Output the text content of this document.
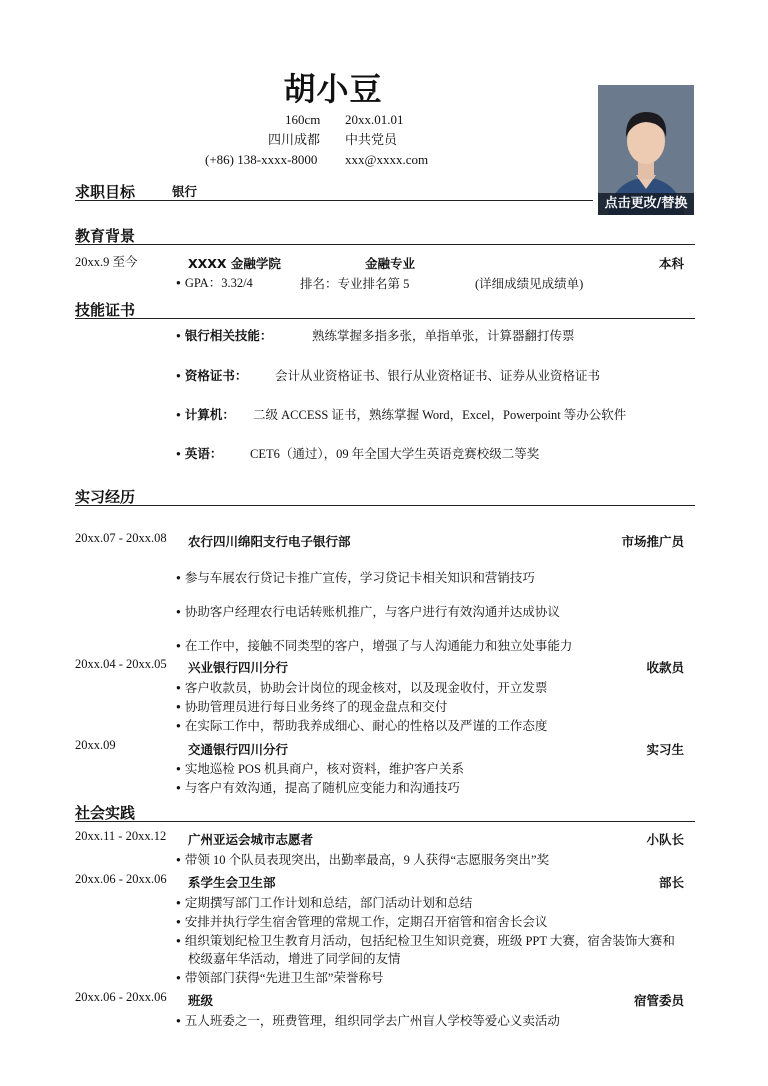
胡小豆
160cm 20xx.01.01
四川成都 中共党员
(+86) 138-xxxx-8000 xxx@xxxx.com
点击更改/替换
求职目标	银行
教育背景
20xx.9 至今	XXXX 金融学院	金融专业	本科
● GPA：3.32/4	排名：专业排名第 5	(详细成绩见成绩单)
技能证书
● 银行相关技能：	熟练掌握多指多张，单指单张，计算器翻打传票
● 资格证书： 会计从业资格证书、银行从业资格证书、证券从业资格证书
● 计算机： 二级 ACCESS 证书，熟练掌握 Word，Excel，Powerpoint 等办公软件
● 英语： CET6（通过），09 年全国大学生英语竞赛校级二等奖
实习经历
20xx.07 - 20xx.08 农行四川绵阳支行电子银行部	市场推广员
● 参与车展农行贷记卡推广宣传，学习贷记卡相关知识和营销技巧
● 协助客户经理农行电话转账机推广，与客户进行有效沟通并达成协议
● 在工作中，接触不同类型的客户，增强了与人沟通能力和独立处事能力
20xx.04 - 20xx.05 兴业银行四川分行	收款员
● 客户收款员，协助会计岗位的现金核对，以及现金收付，开立发票
● 协助管理员进行每日业务终了的现金盘点和交付
● 在实际工作中，帮助我养成细心、耐心的性格以及严谨的工作态度
20xx.09	交通银行四川分行	实习生
● 实地巡检 POS 机具商户，核对资料，维护客户关系
● 与客户有效沟通，提高了随机应变能力和沟通技巧
社会实践
20xx.11 - 20xx.12 广州亚运会城市志愿者	小队长
● 带领 10 个队员表现突出，出勤率最高，9 人获得“志愿服务突出”奖
20xx.06 - 20xx.06 系学生会卫生部	部长
● 定期撰写部门工作计划和总结，部门活动计划和总结
● 安排并执行学生宿舍管理的常规工作，定期召开宿管和宿舍长会议
● 组织策划纪检卫生教育月活动，包括纪检卫生知识竞赛，班级 PPT 大赛，宿舍装饰大赛和
校级嘉年华活动，增进了同学间的友情
● 带领部门获得“先进卫生部”荣誉称号
20xx.06 - 20xx.06 班级	宿管委员
● 五人班委之一，班费管理，组织同学去广州盲人学校等爱心义卖活动
